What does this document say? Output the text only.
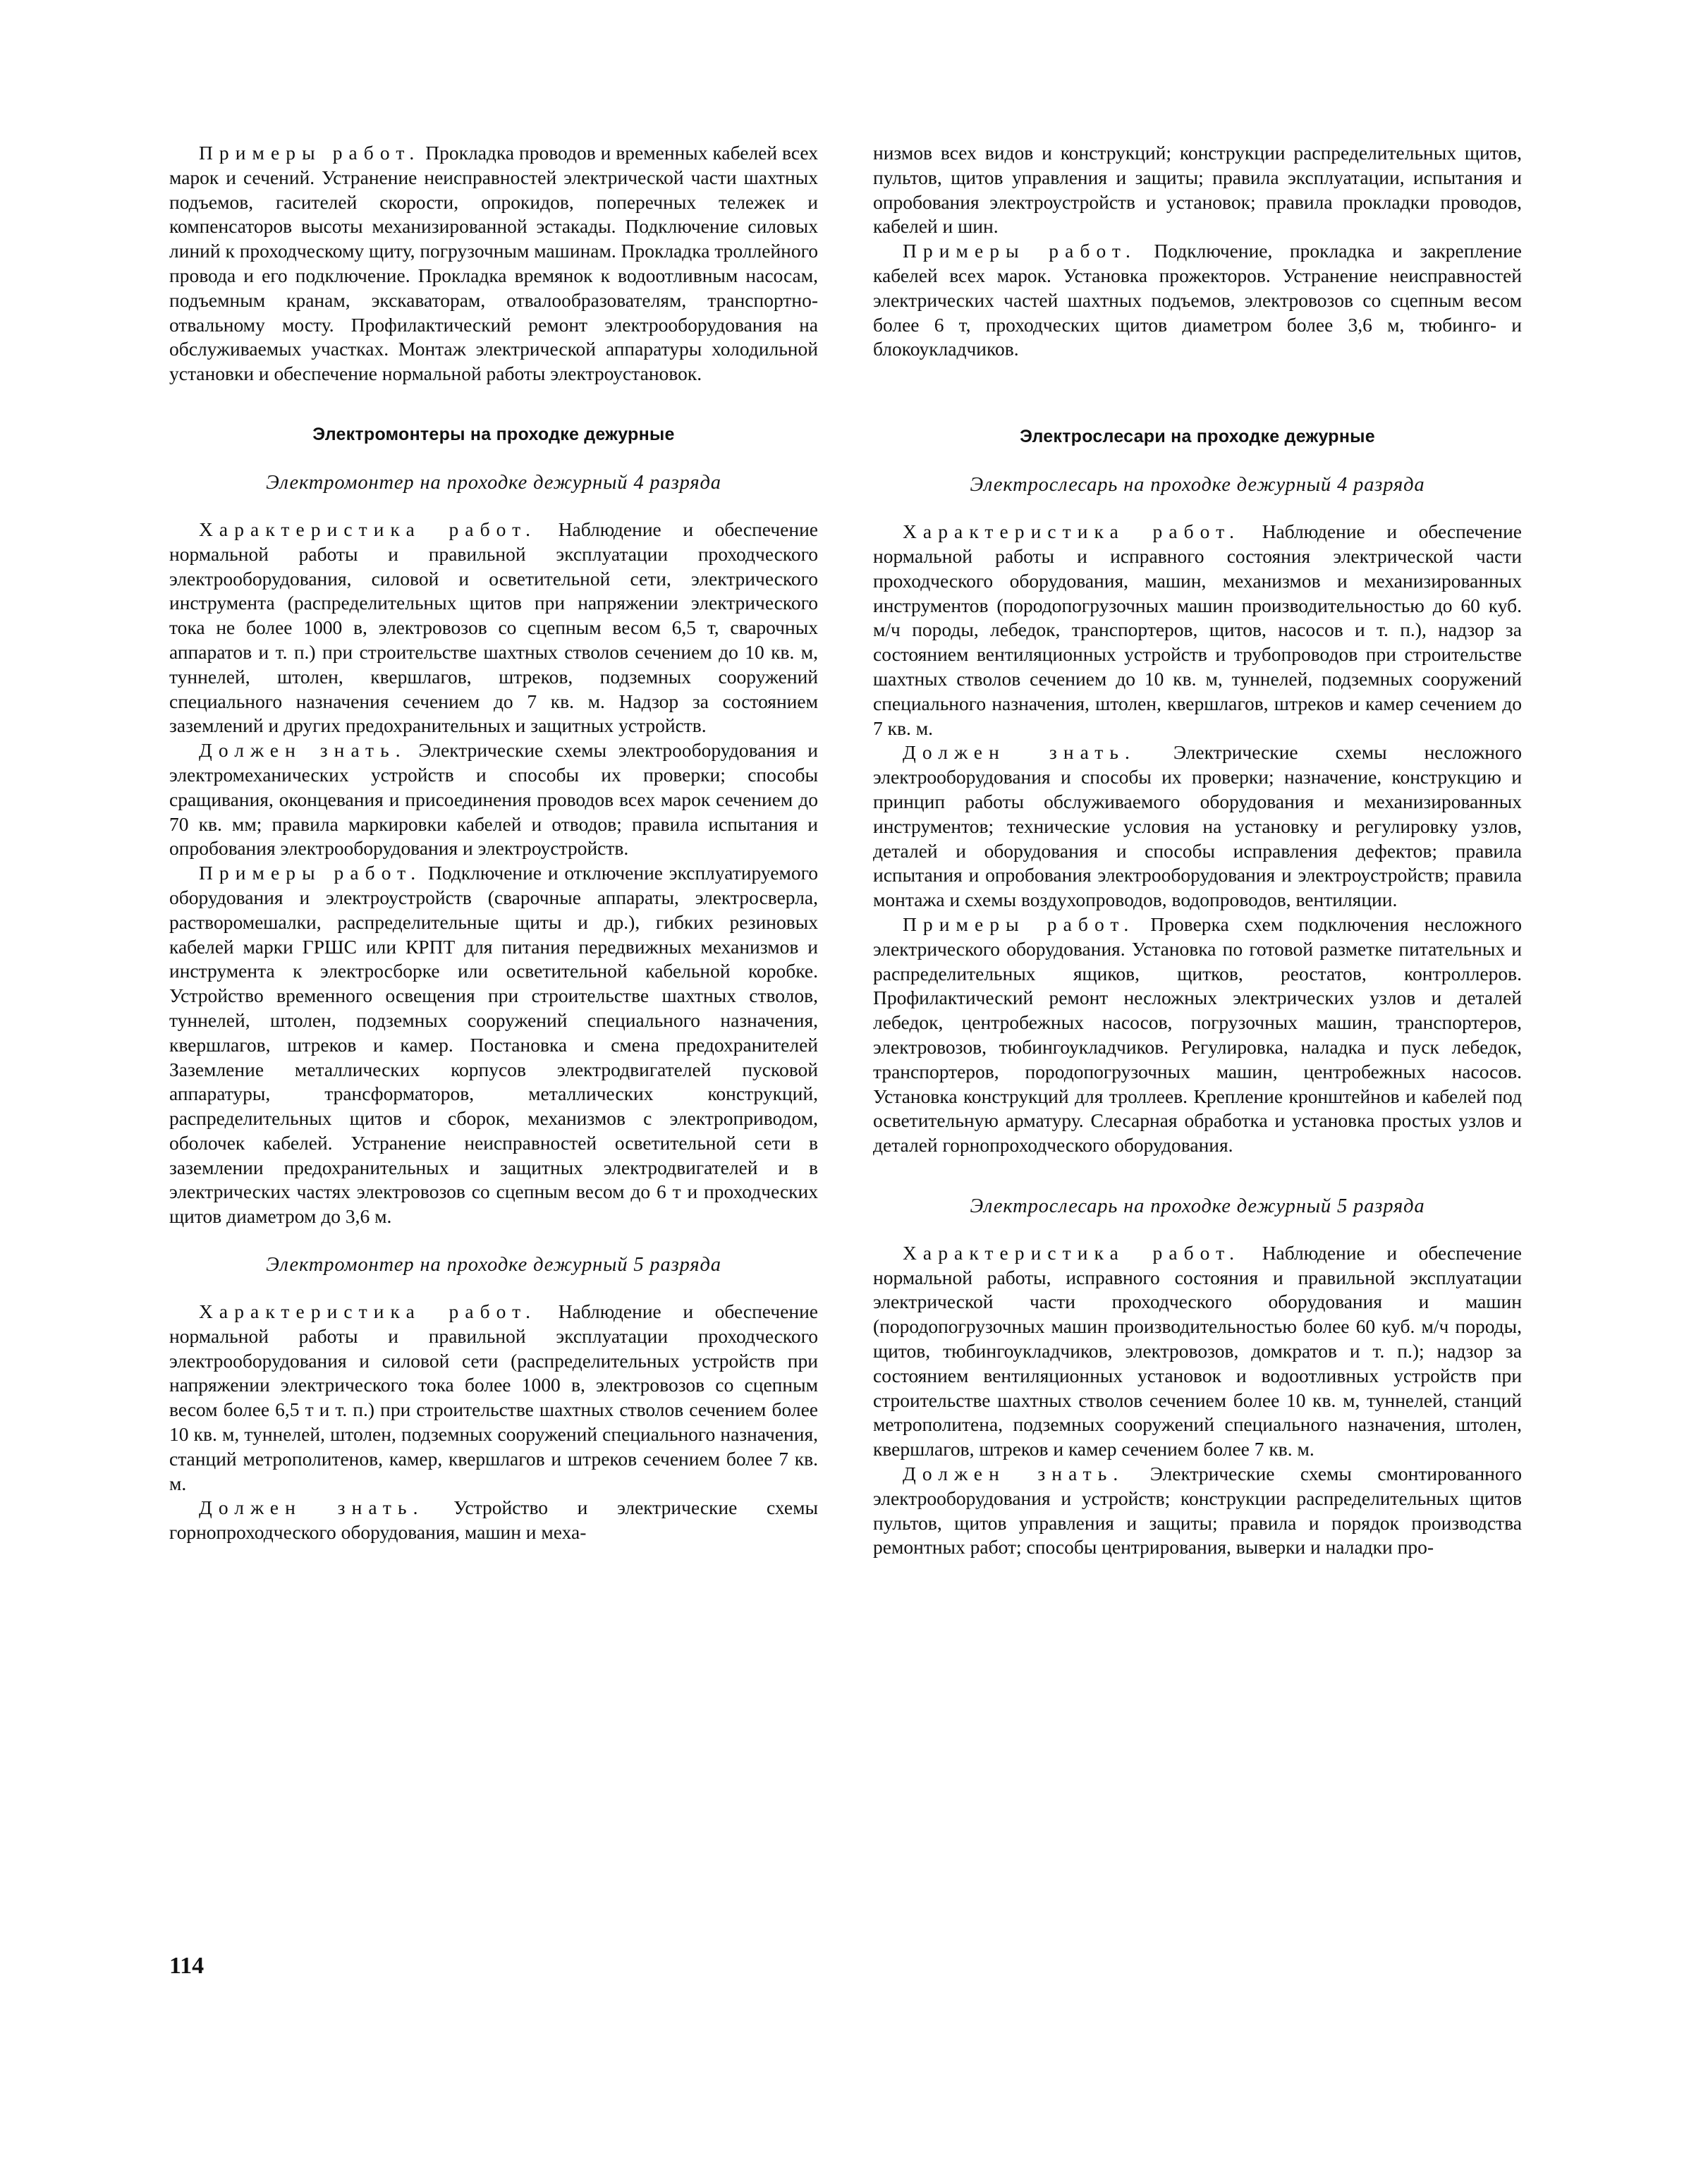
Примеры работ. Прокладка проводов и временных кабелей всех марок и сечений. Устранение неисправностей электрической части шахтных подъемов, гасителей скорости, опрокидов, поперечных тележек и компенсаторов высоты механизированной эстакады. Подключение силовых линий к проходческому щиту, погрузочным машинам. Прокладка троллейного провода и его подключение. Прокладка времянок к водоотливным насосам, подъемным кранам, экскаваторам, отвалообразователям, транспортно-отвальному мосту. Профилактический ремонт электрооборудования на обслуживаемых участках. Монтаж электрической аппаратуры холодильной установки и обеспечение нормальной работы электроустановок.

Электромонтеры на проходке дежурные
Электромонтер на проходке дежурный 4 разряда

Характеристика работ. Наблюдение и обеспечение нормальной работы и правильной эксплуатации проходческого электрооборудования, силовой и осветительной сети, электрического инструмента (распределительных щитов при напряжении электрического тока не более 1000 в, электровозов со сцепным весом 6,5 т, сварочных аппаратов и т. п.) при строительстве шахтных стволов сечением до 10 кв. м, туннелей, штолен, квершлагов, штреков, подземных сооружений специального назначения сечением до 7 кв. м. Надзор за состоянием заземлений и других предохранительных и защитных устройств.

Должен знать. Электрические схемы электрооборудования и электромеханических устройств и способы их проверки; способы сращивания, оконцевания и присоединения проводов всех марок сечением до 70 кв. мм; правила маркировки кабелей и отводов; правила испытания и опробования электрооборудования и электроустройств.

Примеры работ. Подключение и отключение эксплуатируемого оборудования и электроустройств (сварочные аппараты, электросверла, растворомешалки, распределительные щиты и др.), гибких резиновых кабелей марки ГРШС или КРПТ для питания передвижных механизмов и инструмента к электросборке или осветительной кабельной коробке. Устройство временного освещения при строительстве шахтных стволов, туннелей, штолен, подземных сооружений специального назначения, квершлагов, штреков и камер. Постановка и смена предохранителей Заземление металлических корпусов электродвигателей пусковой аппаратуры, трансформаторов, металлических конструкций, распределительных щитов и сборок, механизмов с электроприводом, оболочек кабелей. Устранение неисправностей осветительной сети в заземлении предохранительных и защитных электродвигателей и в электрических частях электровозов со сцепным весом до 6 т и проходческих щитов диаметром до 3,6 м.

Электромонтер на проходке дежурный 5 разряда

Характеристика работ. Наблюдение и обеспечение нормальной работы и правильной эксплуатации проходческого электрооборудования и силовой сети (распределительных устройств при напряжении электрического тока более 1000 в, электровозов со сцепным весом более 6,5 т и т. п.) при строительстве шахтных стволов сечением более 10 кв. м, туннелей, штолен, подземных сооружений специального назначения, станций метрополитенов, камер, квершлагов и штреков сечением более 7 кв. м.

Должен знать. Устройство и электрические схемы горнопроходческого оборудования, машин и меха-

низмов всех видов и конструкций; конструкции распределительных щитов, пультов, щитов управления и защиты; правила эксплуатации, испытания и опробования электроустройств и установок; правила прокладки проводов, кабелей и шин.

Примеры работ. Подключение, прокладка и закрепление кабелей всех марок. Установка прожекторов. Устранение неисправностей электрических частей шахтных подъемов, электровозов со сцепным весом более 6 т, проходческих щитов диаметром более 3,6 м, тюбинго- и блокоукладчиков.

Электрослесари на проходке дежурные
Электрослесарь на проходке дежурный 4 разряда

Характеристика работ. Наблюдение и обеспечение нормальной работы и исправного состояния электрической части проходческого оборудования, машин, механизмов и механизированных инструментов (породопогрузочных машин производительностью до 60 куб. м/ч породы, лебедок, транспортеров, щитов, насосов и т. п.), надзор за состоянием вентиляционных устройств и трубопроводов при строительстве шахтных стволов сечением до 10 кв. м, туннелей, подземных сооружений специального назначения, штолен, квершлагов, штреков и камер сечением до 7 кв. м.

Должен знать. Электрические схемы несложного электрооборудования и способы их проверки; назначение, конструкцию и принцип работы обслуживаемого оборудования и механизированных инструментов; технические условия на установку и регулировку узлов, деталей и оборудования и способы исправления дефектов; правила испытания и опробования электрооборудования и электроустройств; правила монтажа и схемы воздухопроводов, водопроводов, вентиляции.

Примеры работ. Проверка схем подключения несложного электрического оборудования. Установка по готовой разметке питательных и распределительных ящиков, щитков, реостатов, контроллеров. Профилактический ремонт несложных электрических узлов и деталей лебедок, центробежных насосов, погрузочных машин, транспортеров, электровозов, тюбингоукладчиков. Регулировка, наладка и пуск лебедок, транспортеров, породопогрузочных машин, центробежных насосов. Установка конструкций для троллеев. Крепление кронштейнов и кабелей под осветительную арматуру. Слесарная обработка и установка простых узлов и деталей горнопроходческого оборудования.

Электрослесарь на проходке дежурный 5 разряда

Характеристика работ. Наблюдение и обеспечение нормальной работы, исправного состояния и правильной эксплуатации электрической части проходческого оборудования и машин (породопогрузочных машин производительностью более 60 куб. м/ч породы, щитов, тюбингоукладчиков, электровозов, домкратов и т. п.); надзор за состоянием вентиляционных установок и водоотливных устройств при строительстве шахтных стволов сечением более 10 кв. м, туннелей, станций метрополитена, подземных сооружений специального назначения, штолен, квершлагов, штреков и камер сечением более 7 кв. м.

Должен знать. Электрические схемы смонтированного электрооборудования и устройств; конструкции распределительных щитов пультов, щитов управления и защиты; правила и порядок производства ремонтных работ; способы центрирования, выверки и наладки про-

114
